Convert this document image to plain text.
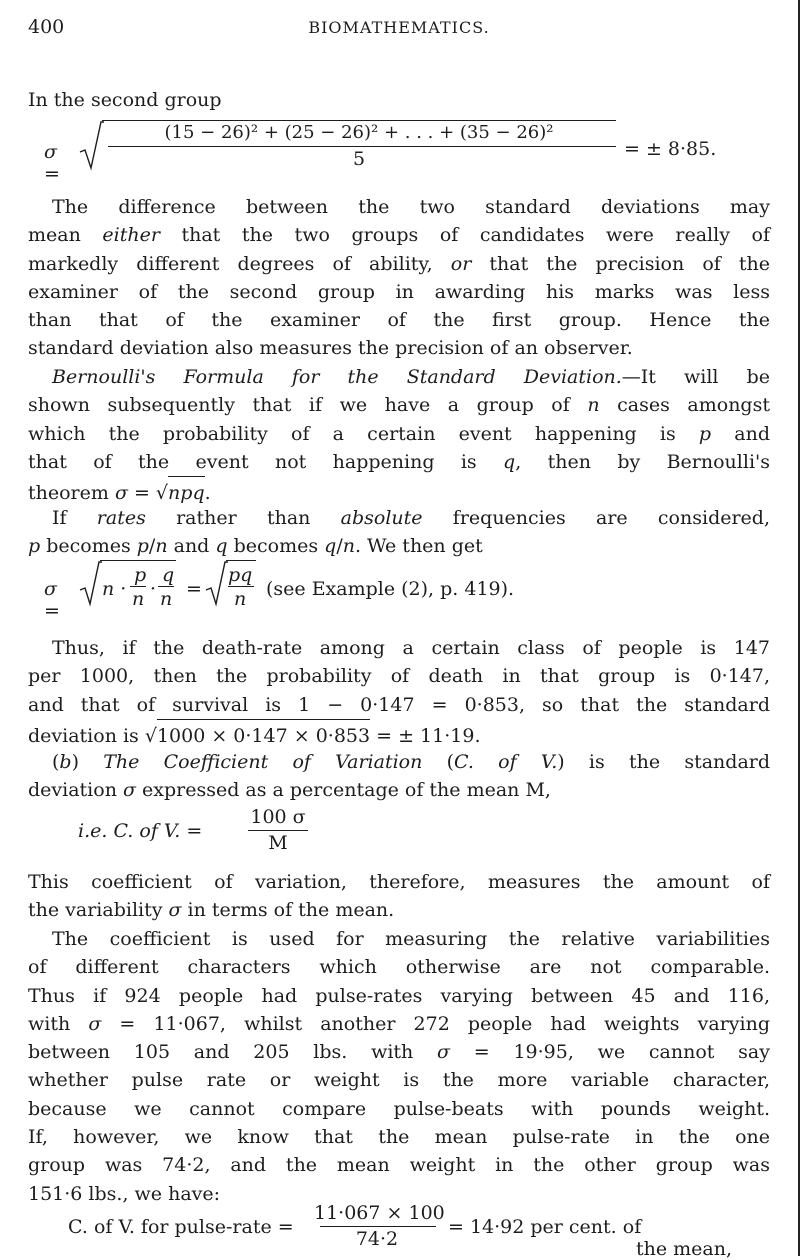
400	BIOMATHEMATICS.
In the second group
σ =
(15 − 26)² + (25 − 26)² + . . . + (35 − 26)²
5	= ± 8·85.
The difference between the two standard deviations may
mean either that the two groups of candidates were really of
markedly different degrees of ability, or that the precision of the
examiner of the second group in awarding his marks was less
than that of the examiner of the first group. Hence the
standard deviation also measures the precision of an observer.
Bernoulli's Formula for the Standard Deviation.—It will be
shown subsequently that if we have a group of n cases amongst
which the probability of a certain event happening is p and
that of the event not happening is q, then by Bernoulli's
theorem σ = √npq.
If rates rather than absolute frequencies are considered,
p becomes p/n and q becomes q/n. We then get
σ =
n ·
p
n ·
q
n =
pq
n (see Example (2), p. 419).
Thus, if the death-rate among a certain class of people is 147
per 1000, then the probability of death in that group is 0·147,
and that of survival is 1 − 0·147 = 0·853, so that the standard
deviation is √1000 × 0·147 × 0·853 = ± 11·19.
(b) The Coefficient of Variation (C. of V.) is the standard
deviation σ expressed as a percentage of the mean M,
i.e. C. of V. =
100 σ
M
This coefficient of variation, therefore, measures the amount of
the variability σ in terms of the mean.
The coefficient is used for measuring the relative variabilities
of different characters which otherwise are not comparable.
Thus if 924 people had pulse-rates varying between 45 and 116,
with σ = 11·067, whilst another 272 people had weights varying
between 105 and 205 lbs. with σ = 19·95, we cannot say
whether pulse rate or weight is the more variable character,
because we cannot compare pulse-beats with pounds weight.
If, however, we know that the mean pulse-rate in the one
group was 74·2, and the mean weight in the other group was
151·6 lbs., we have:
C. of V. for pulse-rate =
11·067 × 100
74·2
= 14·92 per cent. of
the mean,
